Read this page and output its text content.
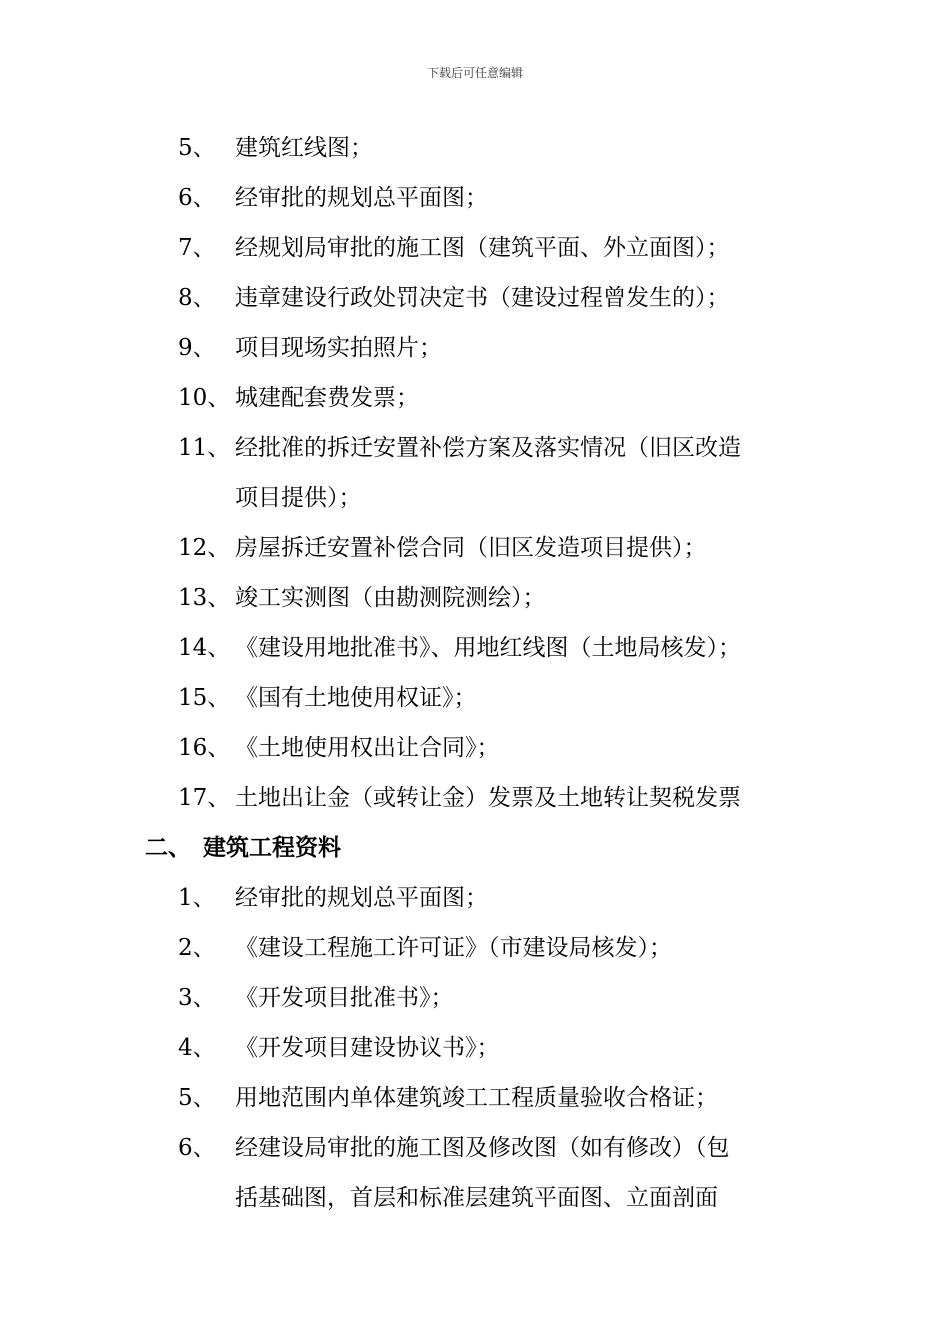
下载后可任意编辑
5、 建筑红线图；
6、 经审批的规划总平面图；
7、 经规划局审批的施工图（建筑平面、外立面图）；
8、 违章建设行政处罚决定书（建设过程曾发生的）；
9、 项目现场实拍照片；
10、 城建配套费发票；
11、 经批准的拆迁安置补偿方案及落实情况（旧区改造
项目提供）；
12、 房屋拆迁安置补偿合同（旧区发造项目提供）；
13、 竣工实测图（由勘测院测绘）；
14、 《建设用地批准书》、用地红线图（土地局核发）；
15、 《国有土地使用权证》；
16、 《土地使用权出让合同》；
17、 土地出让金（或转让金）发票及土地转让契税发票
二、 建筑工程资料
1、 经审批的规划总平面图；
2、 《建设工程施工许可证》（市建设局核发）；
3、 《开发项目批准书》；
4、 《开发项目建设协议书》；
5、 用地范围内单体建筑竣工工程质量验收合格证；
6、 经建设局审批的施工图及修改图（如有修改）（包
括基础图，首层和标准层建筑平面图、立面剖面
